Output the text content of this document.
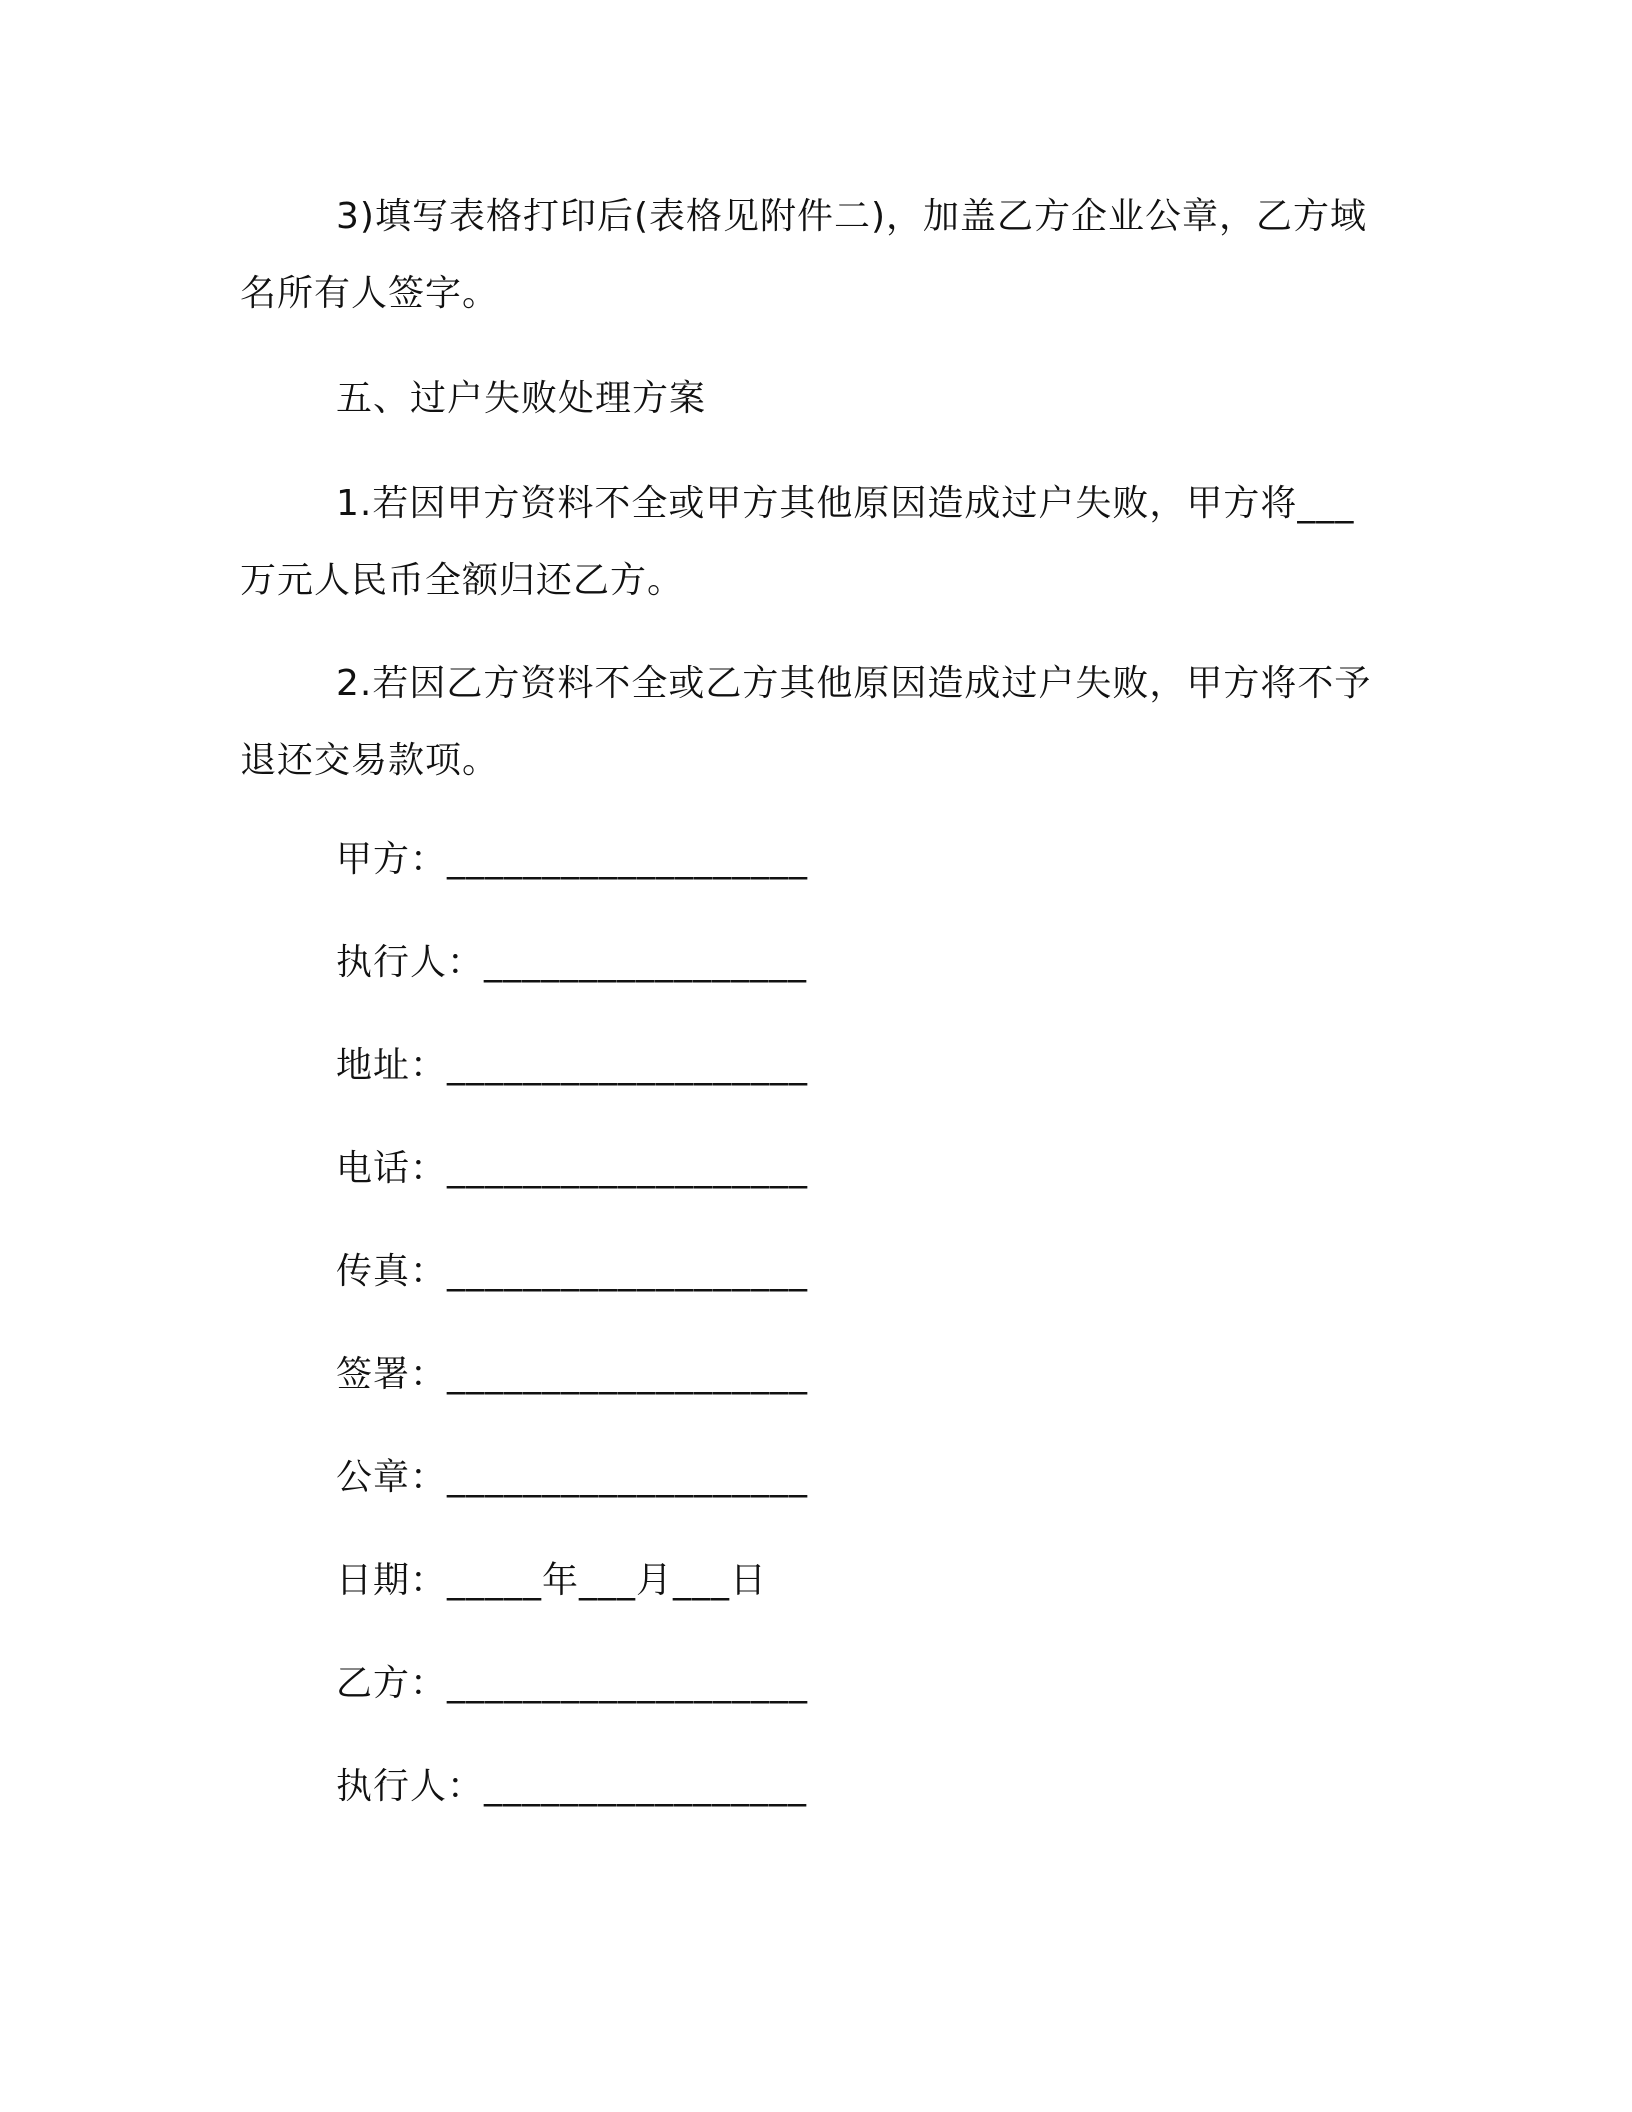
3)填写表格打印后(表格见附件二)，加盖乙方企业公章，乙方域名所有人签字。
五、过户失败处理方案
1.若因甲方资料不全或甲方其他原因造成过户失败，甲方将___万元人民币全额归还乙方。
2.若因乙方资料不全或乙方其他原因造成过户失败，甲方将不予退还交易款项。
甲方：___________________
执行人：_________________
地址：___________________
电话：___________________
传真：___________________
签署：___________________
公章：___________________
日期：_____年___月___日
乙方：___________________
执行人：_________________
